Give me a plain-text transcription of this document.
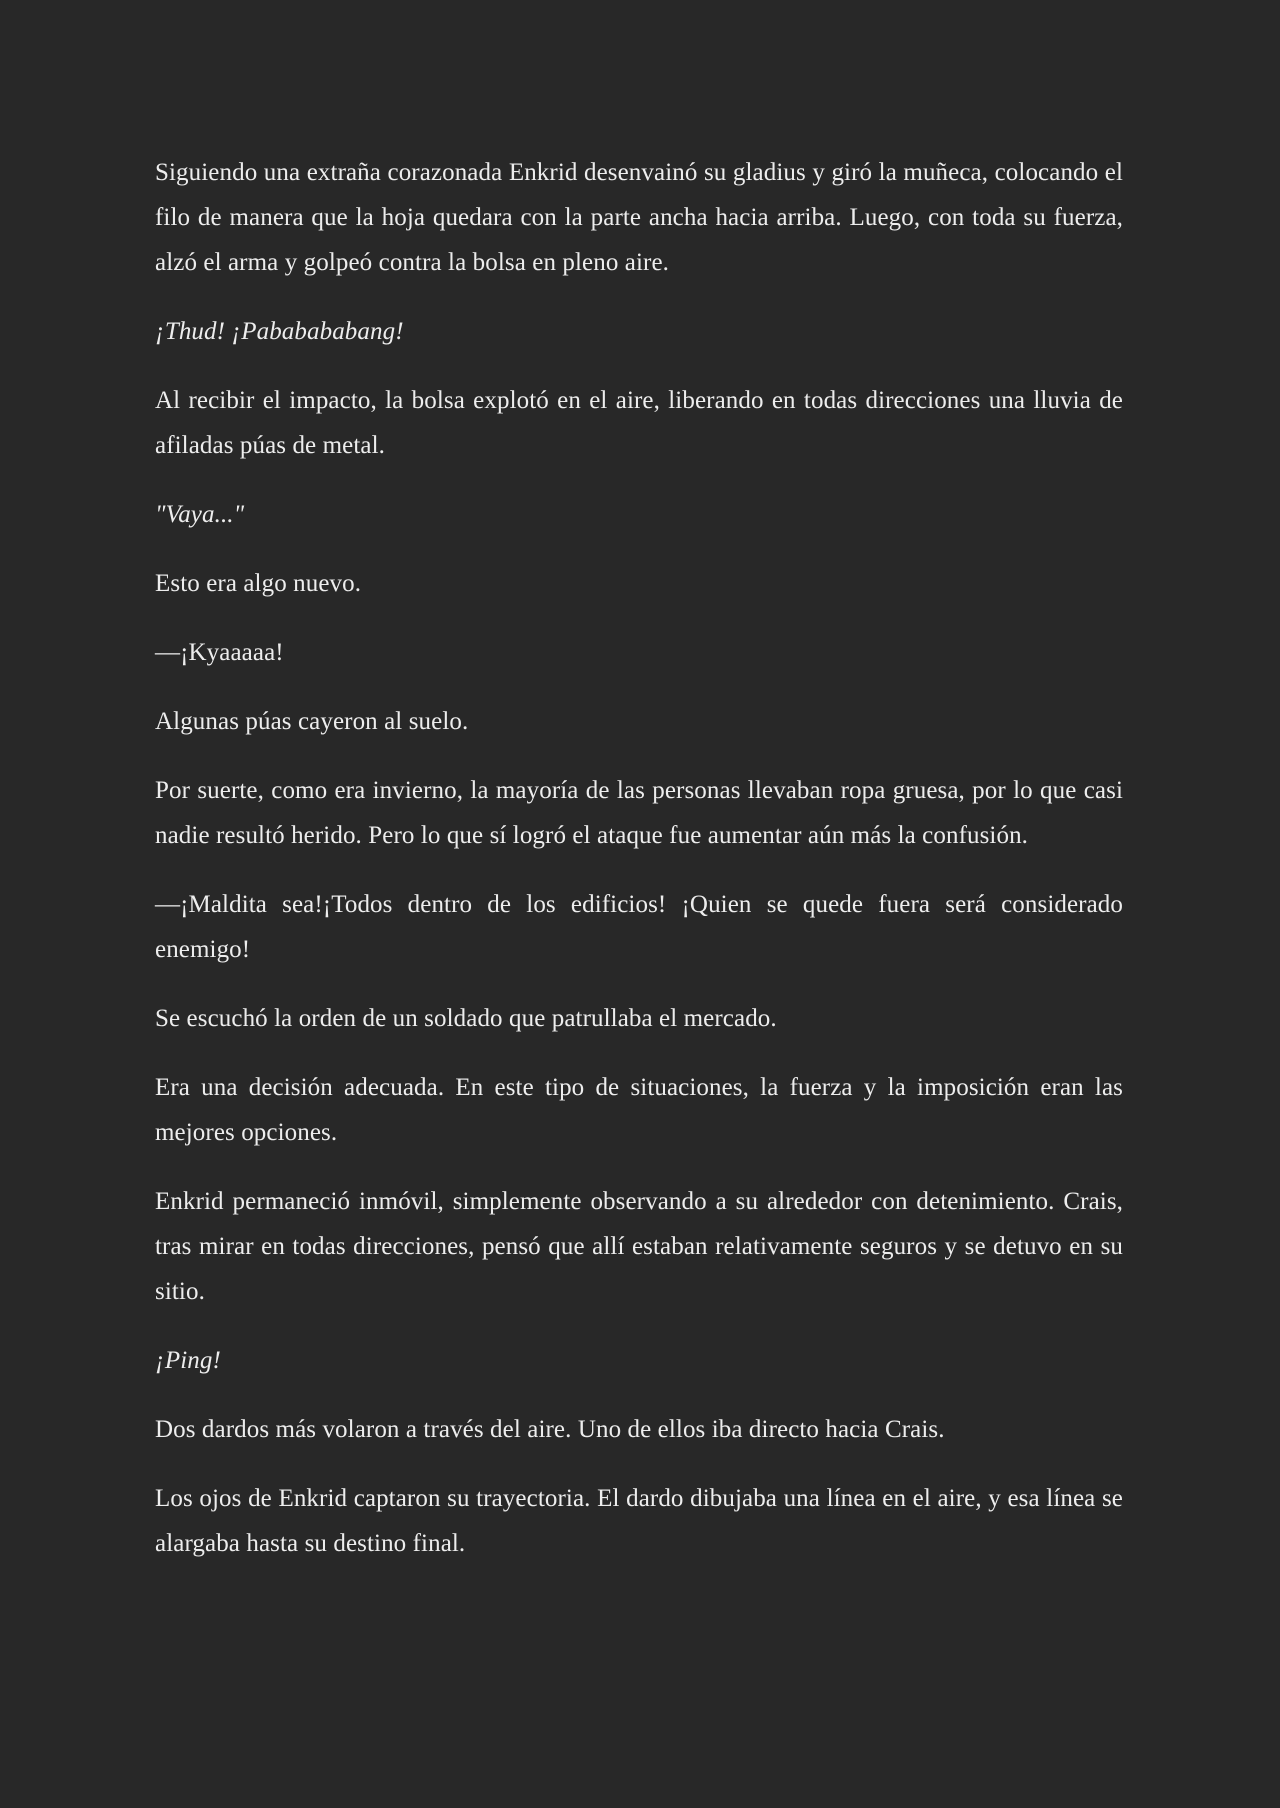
Siguiendo una extraña corazonada Enkrid desenvainó su gladius y giró la muñeca, colocando el filo de manera que la hoja quedara con la parte ancha hacia arriba. Luego, con toda su fuerza, alzó el arma y golpeó contra la bolsa en pleno aire.

¡Thud! ¡Pababababang!

Al recibir el impacto, la bolsa explotó en el aire, liberando en todas direcciones una lluvia de afiladas púas de metal.

"Vaya..."

Esto era algo nuevo.

—¡Kyaaaaa!

Algunas púas cayeron al suelo.

Por suerte, como era invierno, la mayoría de las personas llevaban ropa gruesa, por lo que casi nadie resultó herido. Pero lo que sí logró el ataque fue aumentar aún más la confusión.

—¡Maldita sea!¡Todos dentro de los edificios! ¡Quien se quede fuera será considerado enemigo!

Se escuchó la orden de un soldado que patrullaba el mercado.

Era una decisión adecuada. En este tipo de situaciones, la fuerza y la imposición eran las mejores opciones.

Enkrid permaneció inmóvil, simplemente observando a su alrededor con detenimiento. Crais, tras mirar en todas direcciones, pensó que allí estaban relativamente seguros y se detuvo en su sitio.

¡Ping!

Dos dardos más volaron a través del aire. Uno de ellos iba directo hacia Crais.

Los ojos de Enkrid captaron su trayectoria. El dardo dibujaba una línea en el aire, y esa línea se alargaba hasta su destino final.
